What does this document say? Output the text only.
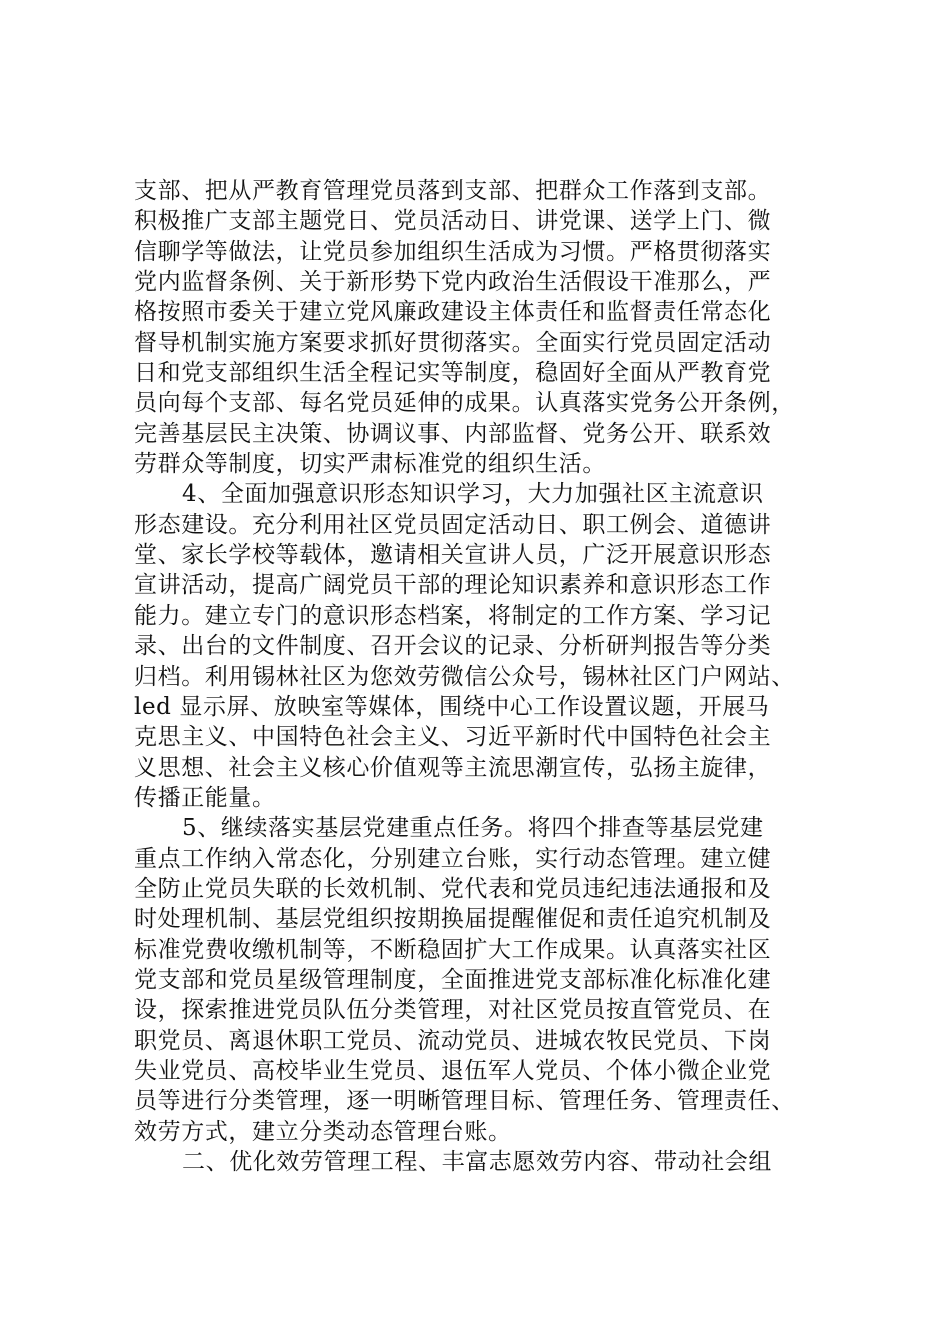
支部、把从严教育管理党员落到支部、把群众工作落到支部。
积极推广支部主题党日、党员活动日、讲党课、送学上门、微
信聊学等做法，让党员参加组织生活成为习惯。严格贯彻落实
党内监督条例、关于新形势下党内政治生活假设干准那么，严
格按照市委关于建立党风廉政建设主体责任和监督责任常态化
督导机制实施方案要求抓好贯彻落实。全面实行党员固定活动
日和党支部组织生活全程记实等制度，稳固好全面从严教育党
员向每个支部、每名党员延伸的成果。认真落实党务公开条例，
完善基层民主决策、协调议事、内部监督、党务公开、联系效
劳群众等制度，切实严肃标准党的组织生活。
4、全面加强意识形态知识学习，大力加强社区主流意识
形态建设。充分利用社区党员固定活动日、职工例会、道德讲
堂、家长学校等载体，邀请相关宣讲人员，广泛开展意识形态
宣讲活动，提高广阔党员干部的理论知识素养和意识形态工作
能力。建立专门的意识形态档案，将制定的工作方案、学习记
录、出台的文件制度、召开会议的记录、分析研判报告等分类
归档。利用锡林社区为您效劳微信公众号，锡林社区门户网站、
led 显示屏、放映室等媒体，围绕中心工作设置议题，开展马
克思主义、中国特色社会主义、习近平新时代中国特色社会主
义思想、社会主义核心价值观等主流思潮宣传，弘扬主旋律，
传播正能量。
5、继续落实基层党建重点任务。将四个排查等基层党建
重点工作纳入常态化，分别建立台账，实行动态管理。建立健
全防止党员失联的长效机制、党代表和党员违纪违法通报和及
时处理机制、基层党组织按期换届提醒催促和责任追究机制及
标准党费收缴机制等，不断稳固扩大工作成果。认真落实社区
党支部和党员星级管理制度，全面推进党支部标准化标准化建
设，探索推进党员队伍分类管理，对社区党员按直管党员、在
职党员、离退休职工党员、流动党员、进城农牧民党员、下岗
失业党员、高校毕业生党员、退伍军人党员、个体小微企业党
员等进行分类管理，逐一明晰管理目标、管理任务、管理责任、
效劳方式，建立分类动态管理台账。
二、优化效劳管理工程、丰富志愿效劳内容、带动社会组
